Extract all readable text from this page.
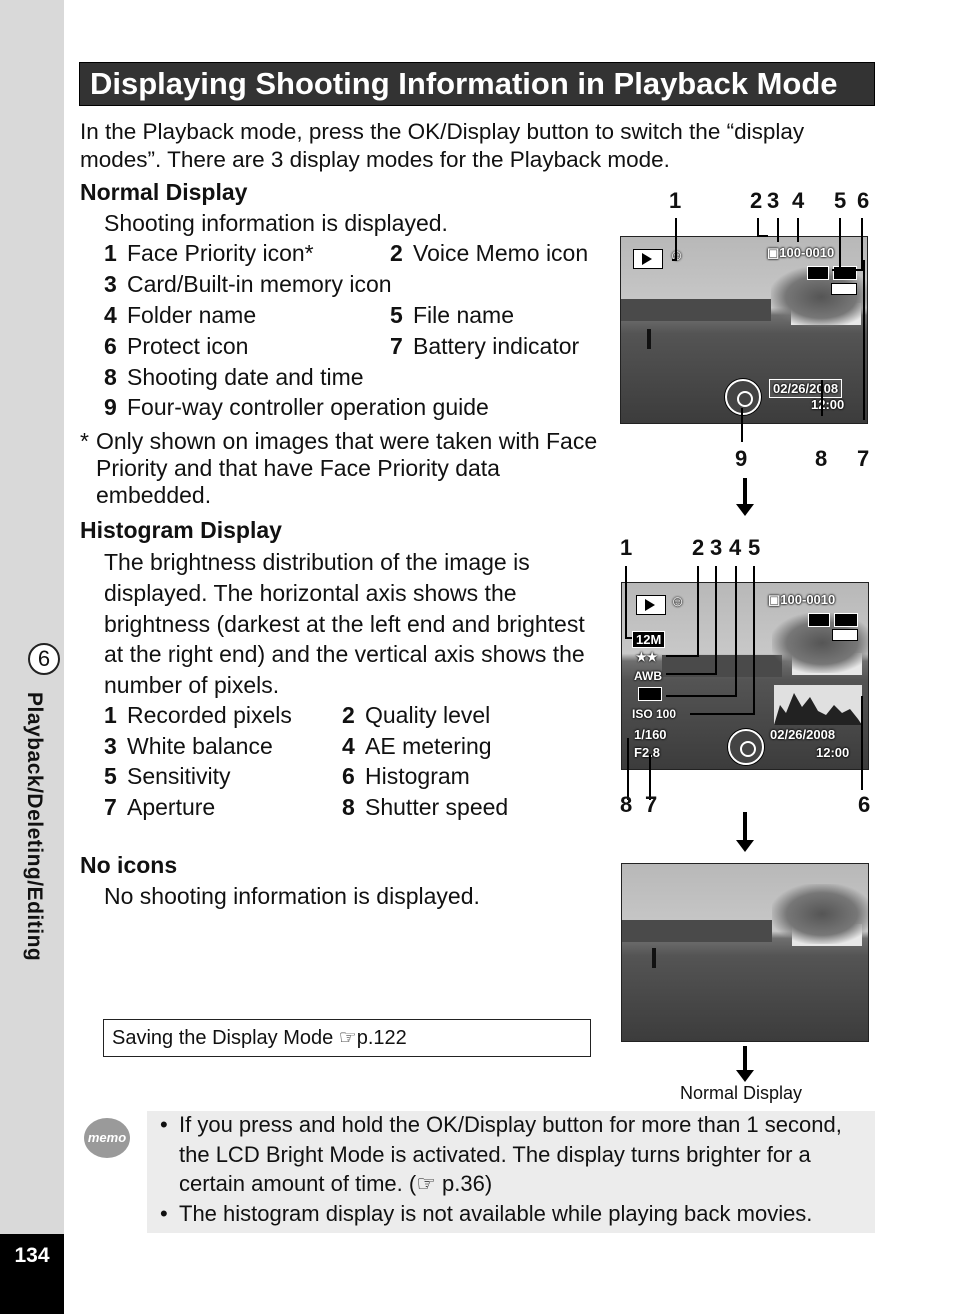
6
Playback/Deleting/Editing
134
Displaying Shooting Information in Playback Mode
In the Playback mode, press the OK/Display button to switch the “display modes”. There are 3 display modes for the Playback mode.
Normal Display
Shooting information is displayed.
1 Face Priority icon*	2 Voice Memo icon
3 Card/Built-in memory icon
4 Folder name	5 File name
6 Protect icon	7 Battery indicator
8 Shooting date and time
9 Four-way controller operation guide
* Only shown on images that were taken with Face Priority and that have Face Priority data embedded.
Histogram Display
The brightness distribution of the image is displayed. The horizontal axis shows the brightness (darkest at the left end and brightest at the right end) and the vertical axis shows the number of pixels.
1 Recorded pixels 2 Quality level
3 White balance	4 AE metering
5 Sensitivity	6 Histogram
7 Aperture	8 Shutter speed
No icons
No shooting information is displayed.
Saving the Display Mode ☞p.122
1	2 3 4 5 6
☺	▣100-0010
02/26/2008
12:00
9	8 7
1	2 3 4 5
☺	▣100-0010
12M
★★
AWB
ISO 100
1/160
F2.8
02/26/2008
12:00
8 7	6
Normal Display
memo
• If you press and hold the OK/Display button for more than 1 second, the LCD Bright Mode is activated. The display turns brighter for a certain amount of time. (☞ p.36)
• The histogram display is not available while playing back movies.
